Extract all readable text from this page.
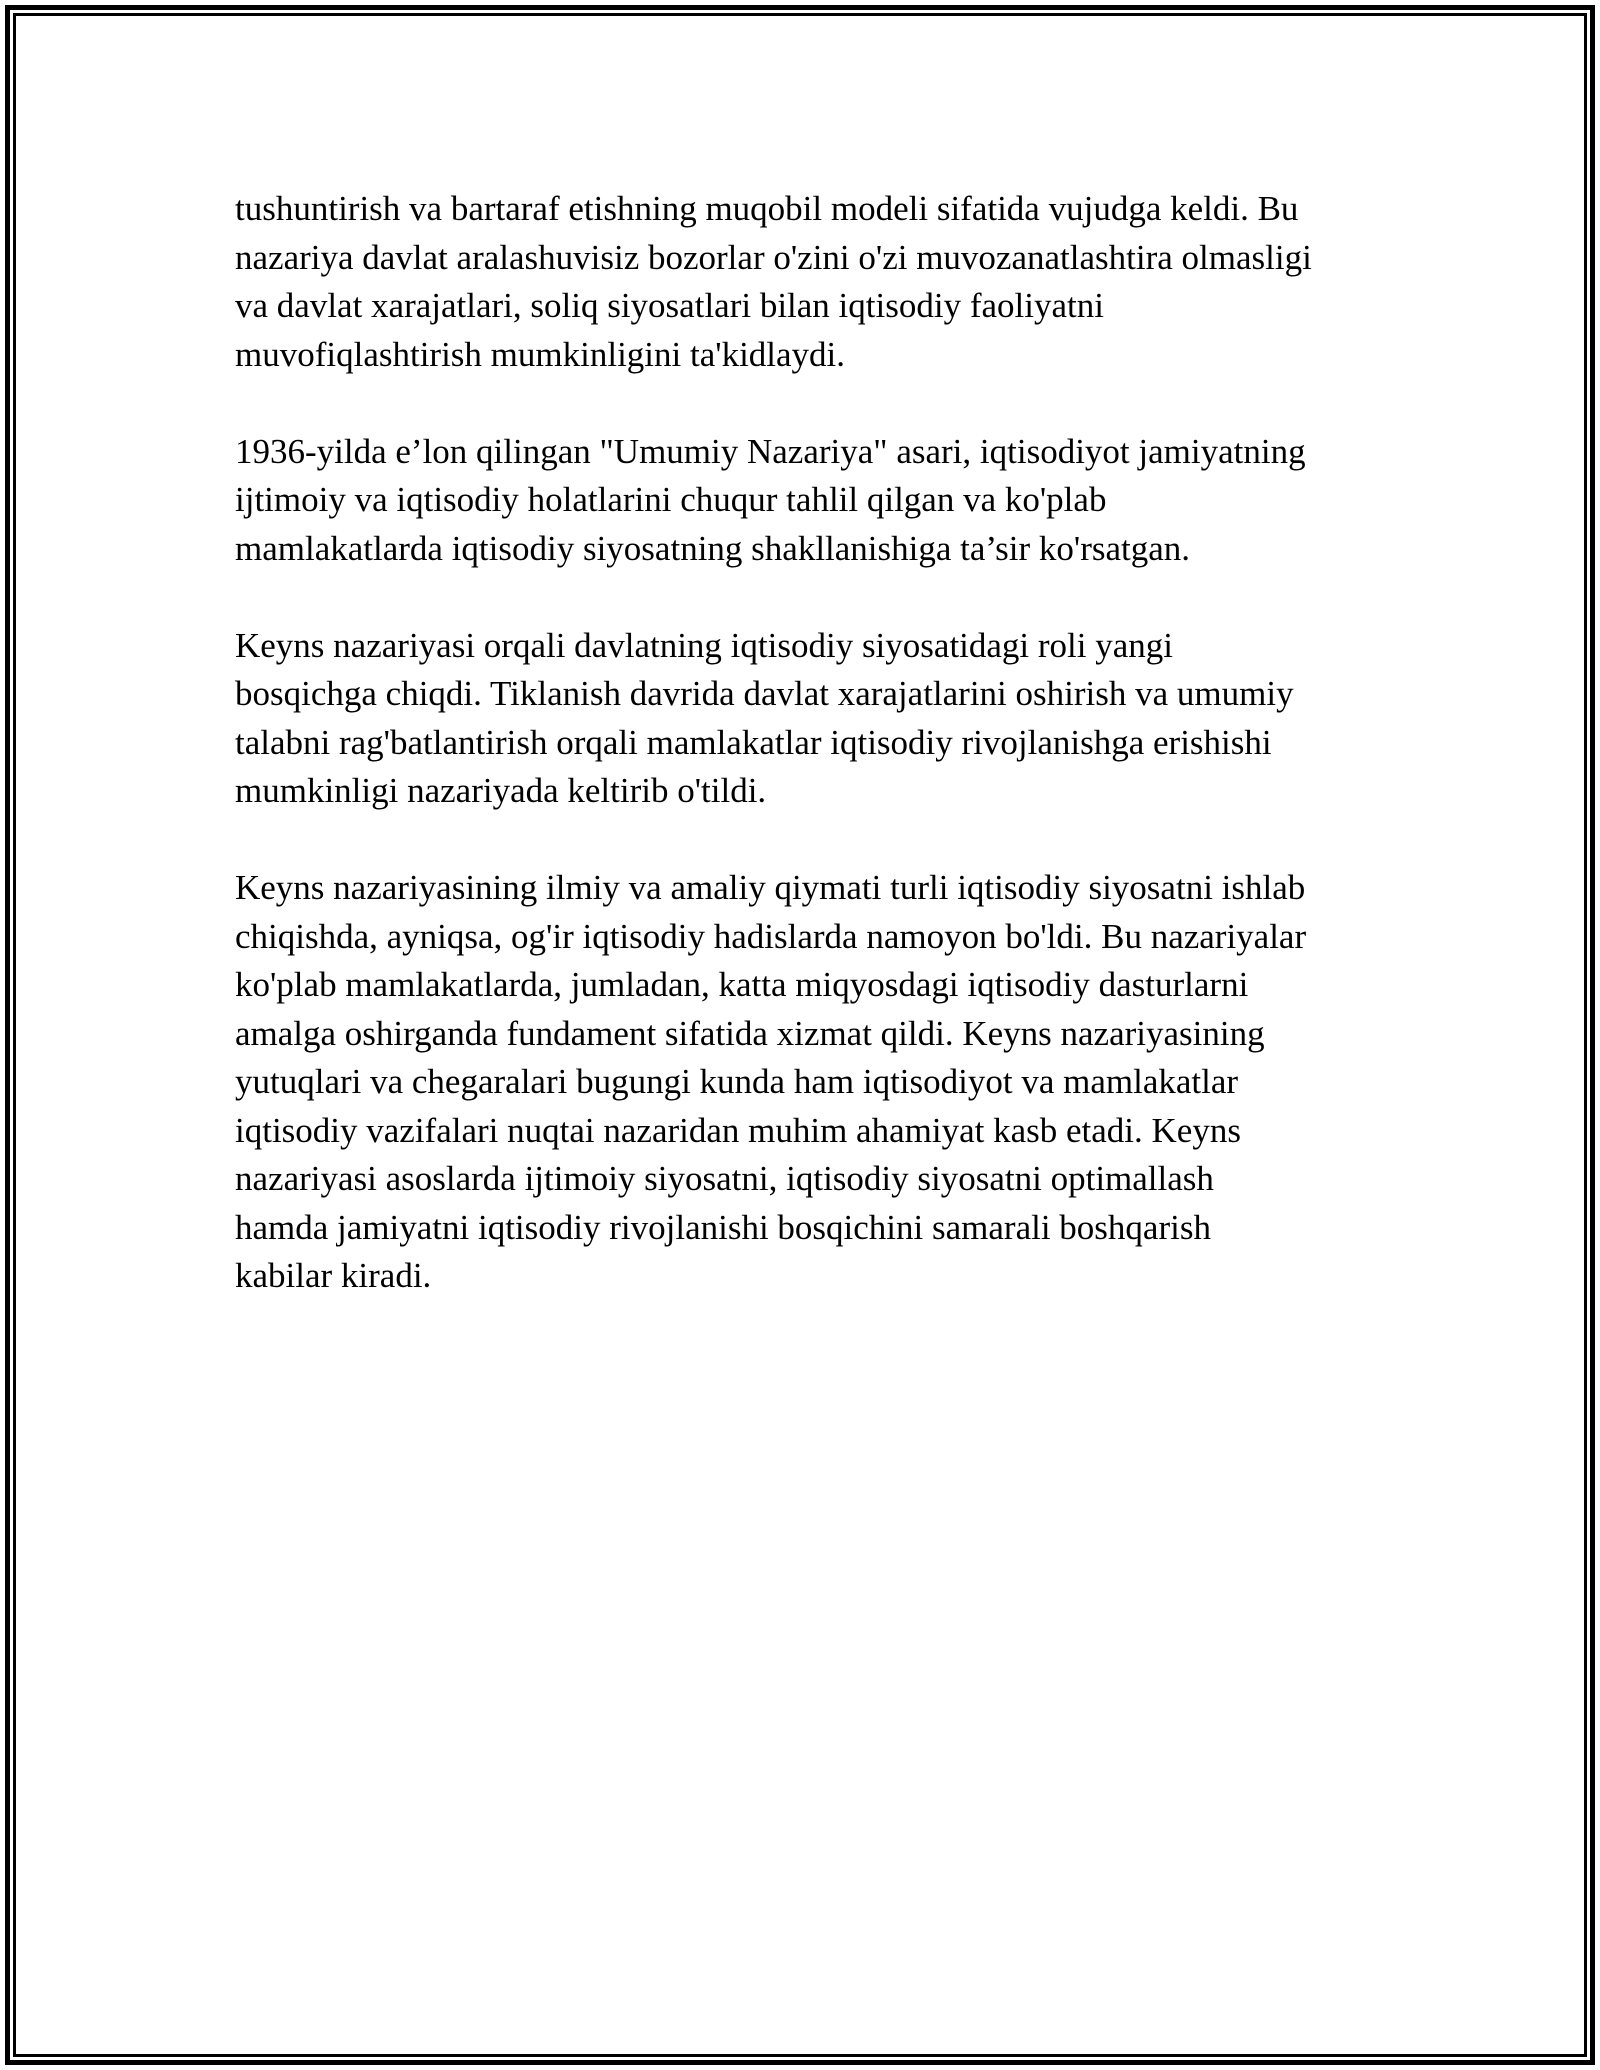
tushuntirish va bartaraf etishning muqobil modeli sifatida vujudga keldi. Bu
nazariya davlat aralashuvisiz bozorlar o'zini o'zi muvozanatlashtira olmasligi
va davlat xarajatlari, soliq siyosatlari bilan iqtisodiy faoliyatni
muvofiqlashtirish mumkinligini ta'kidlaydi.

1936-yilda e’lon qilingan "Umumiy Nazariya" asari, iqtisodiyot jamiyatning
ijtimoiy va iqtisodiy holatlarini chuqur tahlil qilgan va ko'plab
mamlakatlarda iqtisodiy siyosatning shakllanishiga ta’sir ko'rsatgan.

Keyns nazariyasi orqali davlatning iqtisodiy siyosatidagi roli yangi
bosqichga chiqdi. Tiklanish davrida davlat xarajatlarini oshirish va umumiy
talabni rag'batlantirish orqali mamlakatlar iqtisodiy rivojlanishga erishishi
mumkinligi nazariyada keltirib o'tildi.

Keyns nazariyasining ilmiy va amaliy qiymati turli iqtisodiy siyosatni ishlab
chiqishda, ayniqsa, og'ir iqtisodiy hadislarda namoyon bo'ldi. Bu nazariyalar
ko'plab mamlakatlarda, jumladan, katta miqyosdagi iqtisodiy dasturlarni
amalga oshirganda fundament sifatida xizmat qildi. Keyns nazariyasining
yutuqlari va chegaralari bugungi kunda ham iqtisodiyot va mamlakatlar
iqtisodiy vazifalari nuqtai nazaridan muhim ahamiyat kasb etadi. Keyns
nazariyasi asoslarda ijtimoiy siyosatni, iqtisodiy siyosatni optimallash
hamda jamiyatni iqtisodiy rivojlanishi bosqichini samarali boshqarish
kabilar kiradi.
